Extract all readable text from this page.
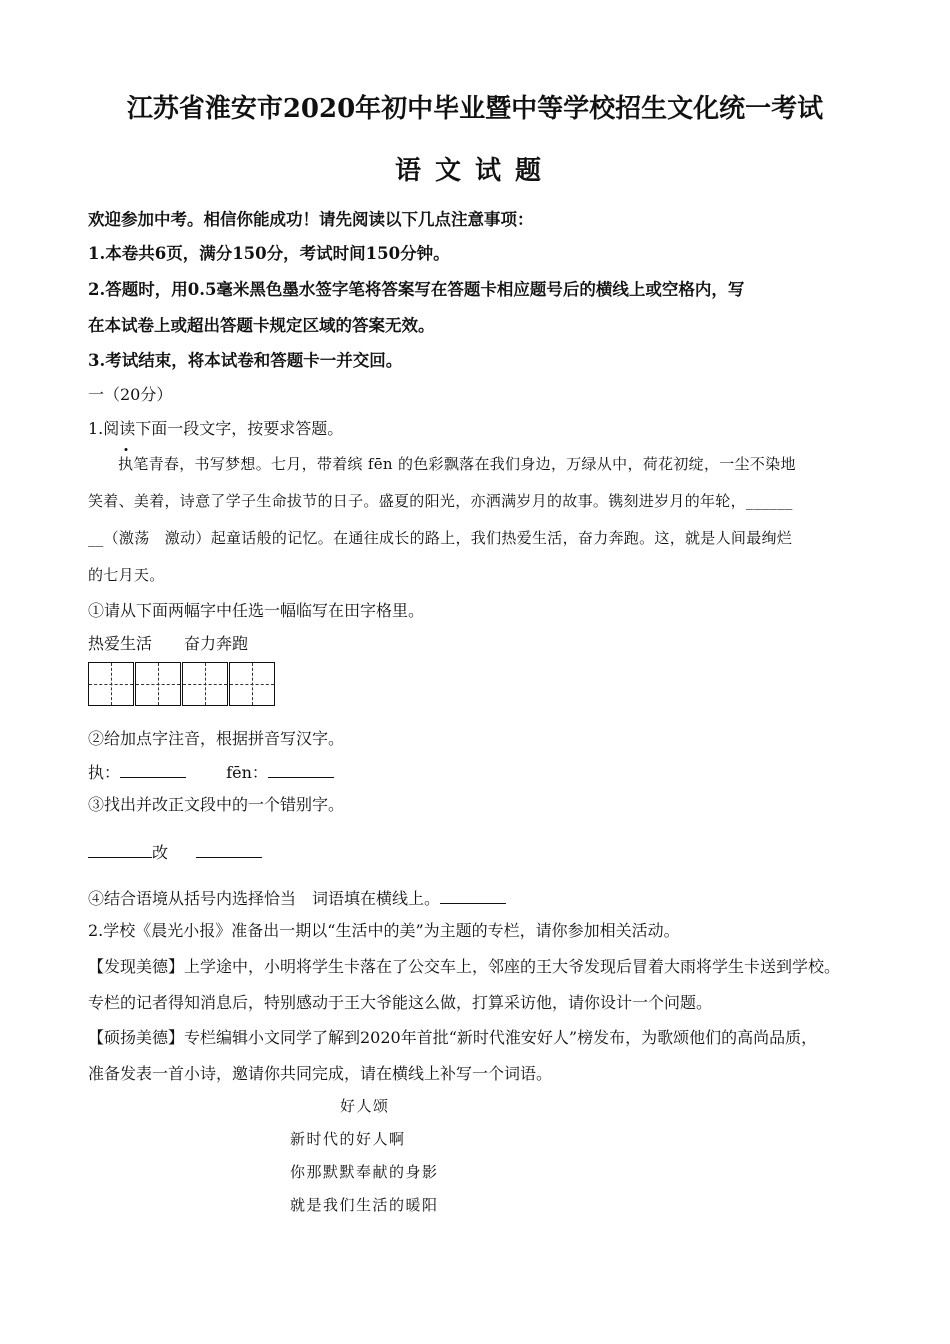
江苏省淮安市2020年初中毕业暨中等学校招生文化统一考试
语文试题
欢迎参加中考。相信你能成功！请先阅读以下几点注意事项：
1.本卷共6页，满分150分，考试时间150分钟。
2.答题时，用0.5毫米黑色墨水签字笔将答案写在答题卡相应题号后的横线上或空格内，写
在本试卷上或超出答题卡规定区域的答案无效。
3.考试结束，将本试卷和答题卡一并交回。
一（20分）
1.阅读下面一段文字，按要求答题。
执笔青春，书写梦想。七月，带着缤 fēn 的色彩飘落在我们身边，万绿从中，荷花初绽，一尘不染地
笑着、美着，诗意了学子生命拔节的日子。盛夏的阳光，亦洒满岁月的故事。镌刻进岁月的年轮，______
__（激荡　激动）起童话般的记忆。在通往成长的路上，我们热爱生活，奋力奔跑。这，就是人间最绚烂
的七月天。
①请从下面两幅字中任选一幅临写在田字格里。
热爱生活　　奋力奔跑
②给加点字注音，根据拼音写汉字。
执：	fēn：
③找出并改正文段中的一个错别字。
改
④结合语境从括号内选择恰当　词语填在横线上。
2.学校《晨光小报》准备出一期以“生活中的美”为主题的专栏，请你参加相关活动。
【发现美德】上学途中，小明将学生卡落在了公交车上，邻座的王大爷发现后冒着大雨将学生卡送到学校。
专栏的记者得知消息后，特别感动于王大爷能这么做，打算采访他，请你设计一个问题。
【硕扬美德】专栏编辑小文同学了解到2020年首批“新时代淮安好人”榜发布，为歌颂他们的高尚品质，
准备发表一首小诗，邀请你共同完成，请在横线上补写一个词语。
好人颂
新时代的好人啊
你那默默奉献的身影
就是我们生活的暖阳
